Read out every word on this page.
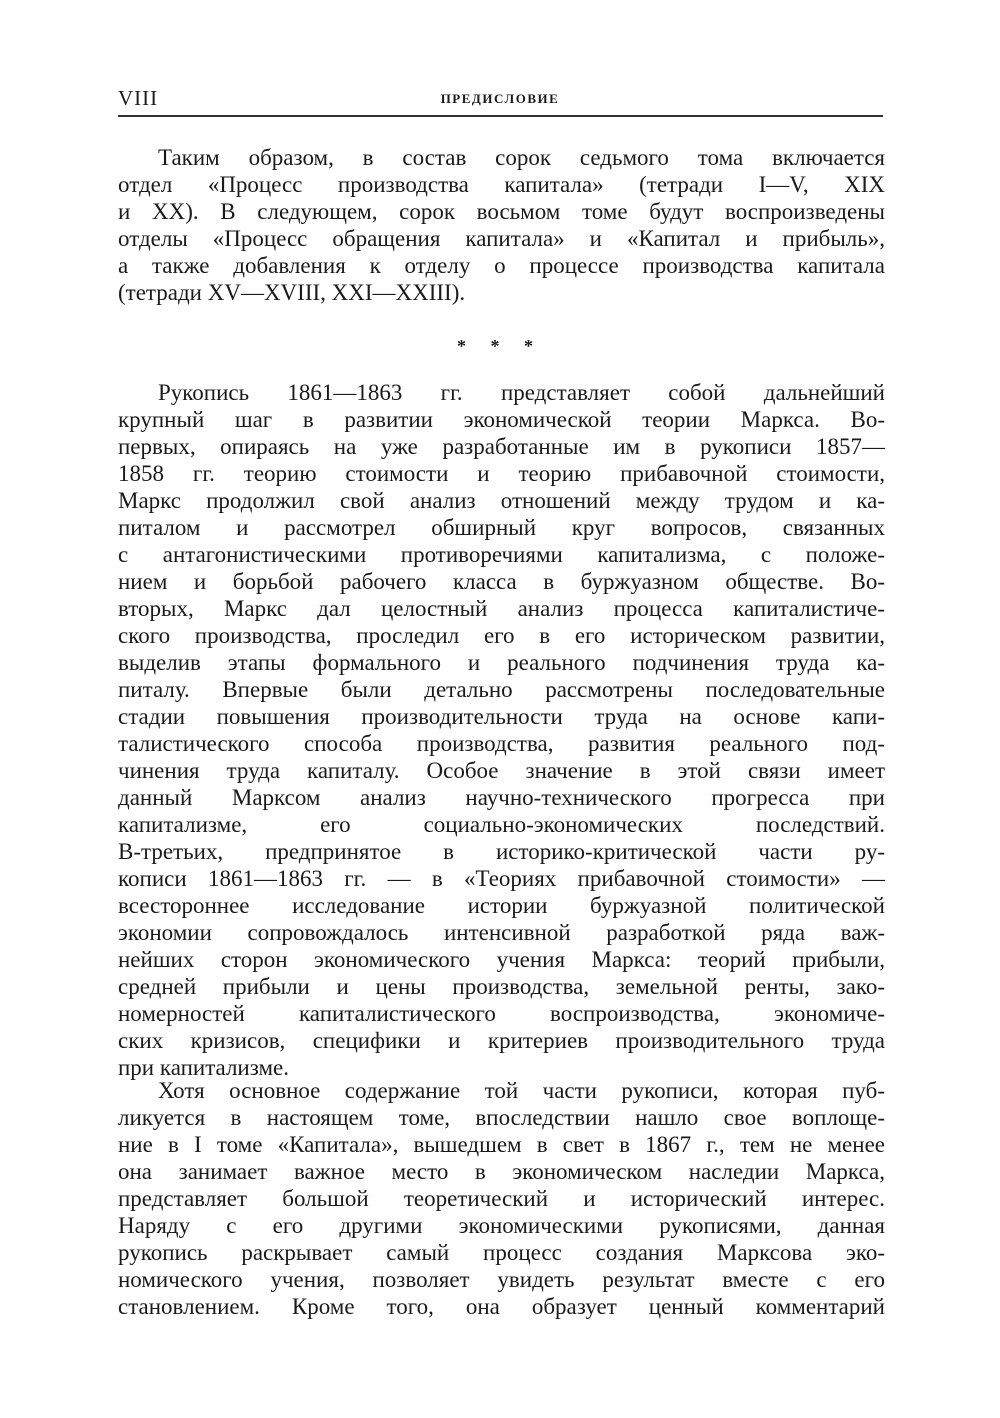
VIII	ПРЕДИСЛОВИЕ
Таким образом, в состав сорок седьмого тома включается
отдел «Процесс производства капитала» (тетради I—V, XIX
и XX). В следующем, сорок восьмом томе будут воспроизведены
отделы «Процесс обращения капитала» и «Капитал и прибыль»,
а также добавления к отделу о процессе производства капитала
(тетради XV—XVIII, XXI—XXIII).
* * *
Рукопись 1861—1863 гг. представляет собой дальнейший
крупный шаг в развитии экономической теории Маркса. Во-
первых, опираясь на уже разработанные им в рукописи 1857—
1858 гг. теорию стоимости и теорию прибавочной стоимости,
Маркс продолжил свой анализ отношений между трудом и ка-
питалом и рассмотрел обширный круг вопросов, связанных
с антагонистическими противоречиями капитализма, с положе-
нием и борьбой рабочего класса в буржуазном обществе. Во-
вторых, Маркс дал целостный анализ процесса капиталистиче-
ского производства, проследил его в его историческом развитии,
выделив этапы формального и реального подчинения труда ка-
питалу. Впервые были детально рассмотрены последовательные
стадии повышения производительности труда на основе капи-
талистического способа производства, развития реального под-
чинения труда капиталу. Особое значение в этой связи имеет
данный Марксом анализ научно-технического прогресса при
капитализме, его социально-экономических последствий.
В-третьих, предпринятое в историко-критической части ру-
кописи 1861—1863 гг. — в «Теориях прибавочной стоимости» —
всестороннее исследование истории буржуазной политической
экономии сопровождалось интенсивной разработкой ряда важ-
нейших сторон экономического учения Маркса: теорий прибыли,
средней прибыли и цены производства, земельной ренты, зако-
номерностей капиталистического воспроизводства, экономиче-
ских кризисов, специфики и критериев производительного труда
при капитализме.
Хотя основное содержание той части рукописи, которая пуб-
ликуется в настоящем томе, впоследствии нашло свое воплоще-
ние в I томе «Капитала», вышедшем в свет в 1867 г., тем не менее
она занимает важное место в экономическом наследии Маркса,
представляет большой теоретический и исторический интерес.
Наряду с его другими экономическими рукописями, данная
рукопись раскрывает самый процесс создания Марксова эко-
номического учения, позволяет увидеть результат вместе с его
становлением. Кроме того, она образует ценный комментарий
